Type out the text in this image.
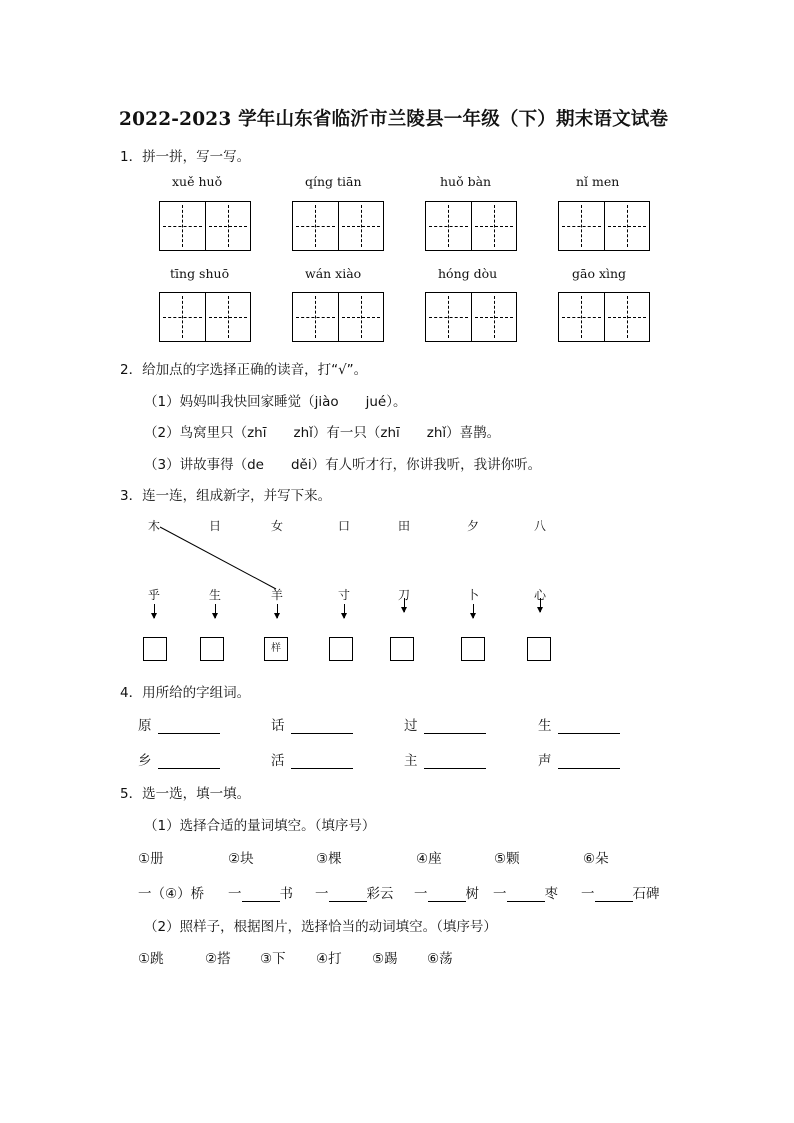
2022-2023 学年山东省临沂市兰陵县一年级（下）期末语文试卷
1．拼一拼，写一写。
xuě huǒ	qíng tiān	huǒ bàn	nǐ men
tīng shuō	wán xiào	hóng dòu	gāo xìng
2．给加点的字选择正确的读音，打“√”。
（1）妈妈叫我快回家睡觉（jiào　　jué）。
（2）鸟窝里只（zhī　　zhǐ）有一只（zhī　　zhǐ）喜鹊。
（3）讲故事得（de　　děi）有人听才行，你讲我听，我讲你听。
3．连一连，组成新字，并写下来。
木	日	女	口	田	夕	八
乎	生	羊	寸	刀	卜	心
样
4．用所给的字组词。
原	话	过	生
乡	活	主	声
5．选一选，填一填。
（1）选择合适的量词填空。（填序号）
①册	②块	③棵	④座	⑤颗	⑥朵
一（④）桥 一	书 一	彩云 一	树 一	枣 一	石碑
（2）照样子，根据图片，选择恰当的动词填空。（填序号）
①跳	②搭 ③下 ④打 ⑤踢 ⑥荡
